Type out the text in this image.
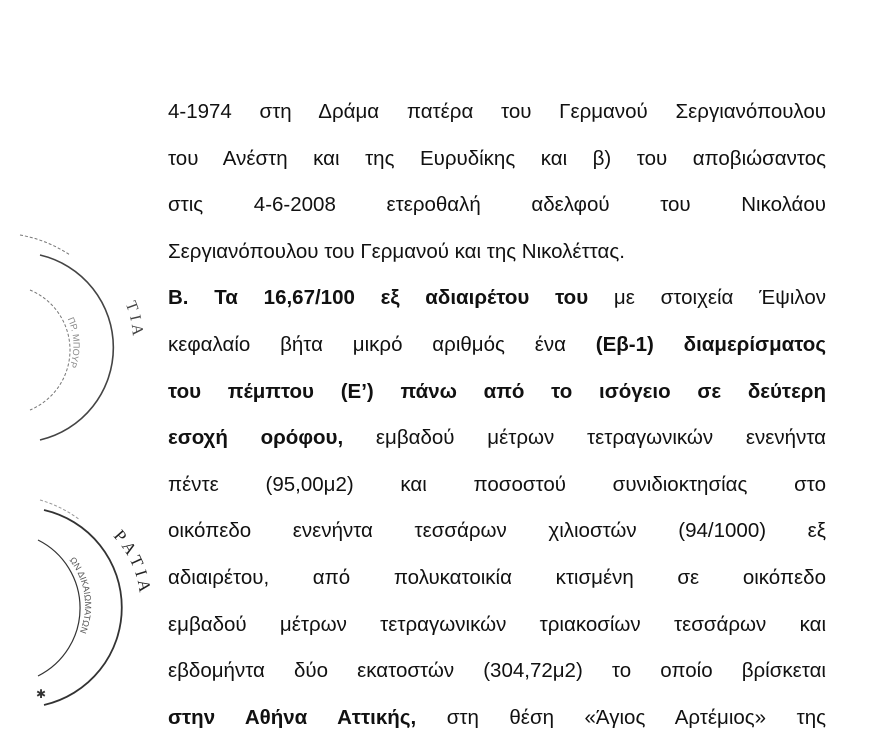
Τ Ι Α
ΠΡ. ΜΠΟΥΡ
Ρ Α Τ Ι Α
ΩΝ ΔΙΚΑΙΩΜΑΤΩΝ
✱
4-1974 στη Δράμα πατέρα του Γερμανού Σεργιανόπουλου
του Ανέστη και της Ευρυδίκης και β) του αποβιώσαντος
στις 4-6-2008 ετεροθαλή αδελφού του Νικολάου
Σεργιανόπουλου του Γερμανού και της Νικολέττας.
Β. Τα 16,67/100 εξ αδιαιρέτου του με στοιχεία Έψιλον
κεφαλαίο βήτα μικρό αριθμός ένα (Εβ-1) διαμερίσματος
του πέμπτου (Ε’) πάνω από το ισόγειο σε δεύτερη
εσοχή ορόφου, εμβαδού μέτρων τετραγωνικών ενενήντα
πέντε (95,00μ2) και ποσοστού συνιδιοκτησίας στο
οικόπεδο ενενήντα τεσσάρων χιλιοστών (94/1000) εξ
αδιαιρέτου, από πολυκατοικία κτισμένη σε οικόπεδο
εμβαδού μέτρων τετραγωνικών τριακοσίων τεσσάρων και
εβδομήντα δύο εκατοστών (304,72μ2) το οποίο βρίσκεται
στην Αθήνα Αττικής, στη θέση «Άγιος Αρτέμιος» της
